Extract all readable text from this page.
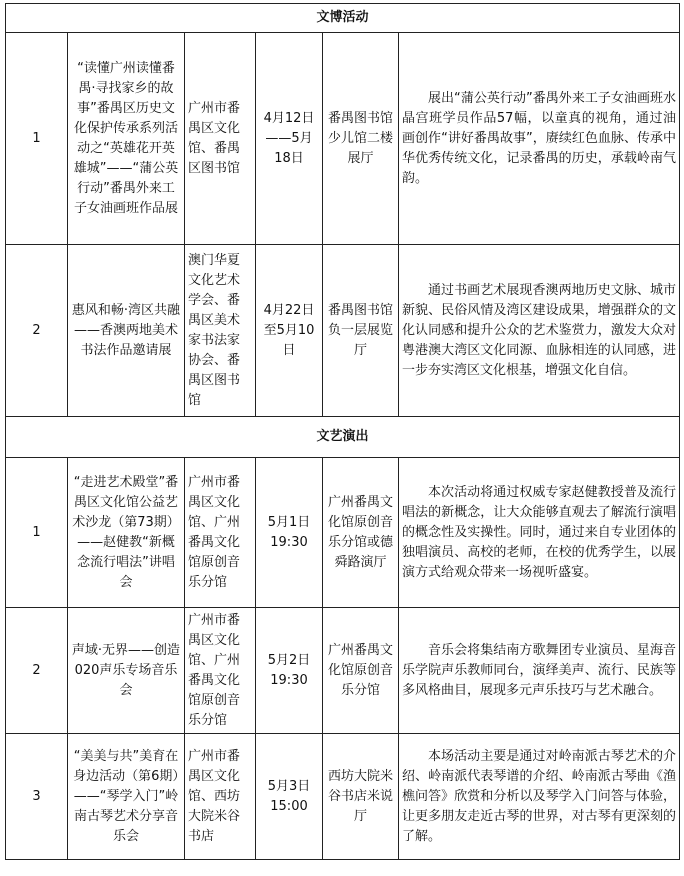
文博活动					
1	“读懂广州读懂番禺·寻找家乡的故事”番禺区历史文化保护传承系列活动之“英雄花开英雄城”——“蒲公英行动”番禺外来工子女油画班作品展	广州市番禺区文化馆、番禺区图书馆	4月12日——5月18日	番禺图书馆少儿馆二楼展厅	展出“蒲公英行动”番禺外来工子女油画班水晶宫班学员作品57幅，以童真的视角，通过油画创作“讲好番禺故事”，赓续红色血脉、传承中华优秀传统文化，记录番禺的历史，承载岭南气韵。

2	惠风和畅·湾区共融——香澳两地美术书法作品邀请展	澳门华夏文化艺术学会、番禺区美术家书法家协会、番禺区图书馆	4月22日至5月10日	番禺图书馆负一层展览厅	通过书画艺术展现香澳两地历史文脉、城市新貌、民俗风情及湾区建设成果，增强群众的文化认同感和提升公众的艺术鉴赏力，激发大众对粤港澳大湾区文化同源、血脉相连的认同感，进一步夯实湾区文化根基，增强文化自信。

文艺演出					
1	“走进艺术殿堂”番禺区文化馆公益艺术沙龙（第73期）——赵健教“新概念流行唱法”讲唱会	广州市番禺区文化馆、广州番禺文化馆原创音乐分馆	5月1日 19:30	广州番禺文化馆原创音乐分馆或德舜路演厅	本次活动将通过权威专家赵健教授普及流行唱法的新概念，让大众能够直观去了解流行演唱的概念性及实操性。同时，通过来自专业团体的独唱演员、高校的老师，在校的优秀学生，以展演方式给观众带来一场视听盛宴。

2	声域·无界——创造020声乐专场音乐会	广州市番禺区文化馆、广州番禺文化馆原创音乐分馆	5月2日 19:30	广州番禺文化馆原创音乐分馆	音乐会将集结南方歌舞团专业演员、星海音乐学院声乐教师同台，演绎美声、流行、民族等多风格曲目，展现多元声乐技巧与艺术融合。

3	“美美与共”美育在身边活动（第6期）——“琴学入门”岭南古琴艺术分享音乐会	广州市番禺区文化馆、西坊大院米谷书店	5月3日 15:00	西坊大院米谷书店米说厅	本场活动主要是通过对岭南派古琴艺术的介绍、岭南派代表琴谱的介绍、岭南派古琴曲《渔樵问答》欣赏和分析以及琴学入门问答与体验，让更多朋友走近古琴的世界，对古琴有更深刻的了解。
